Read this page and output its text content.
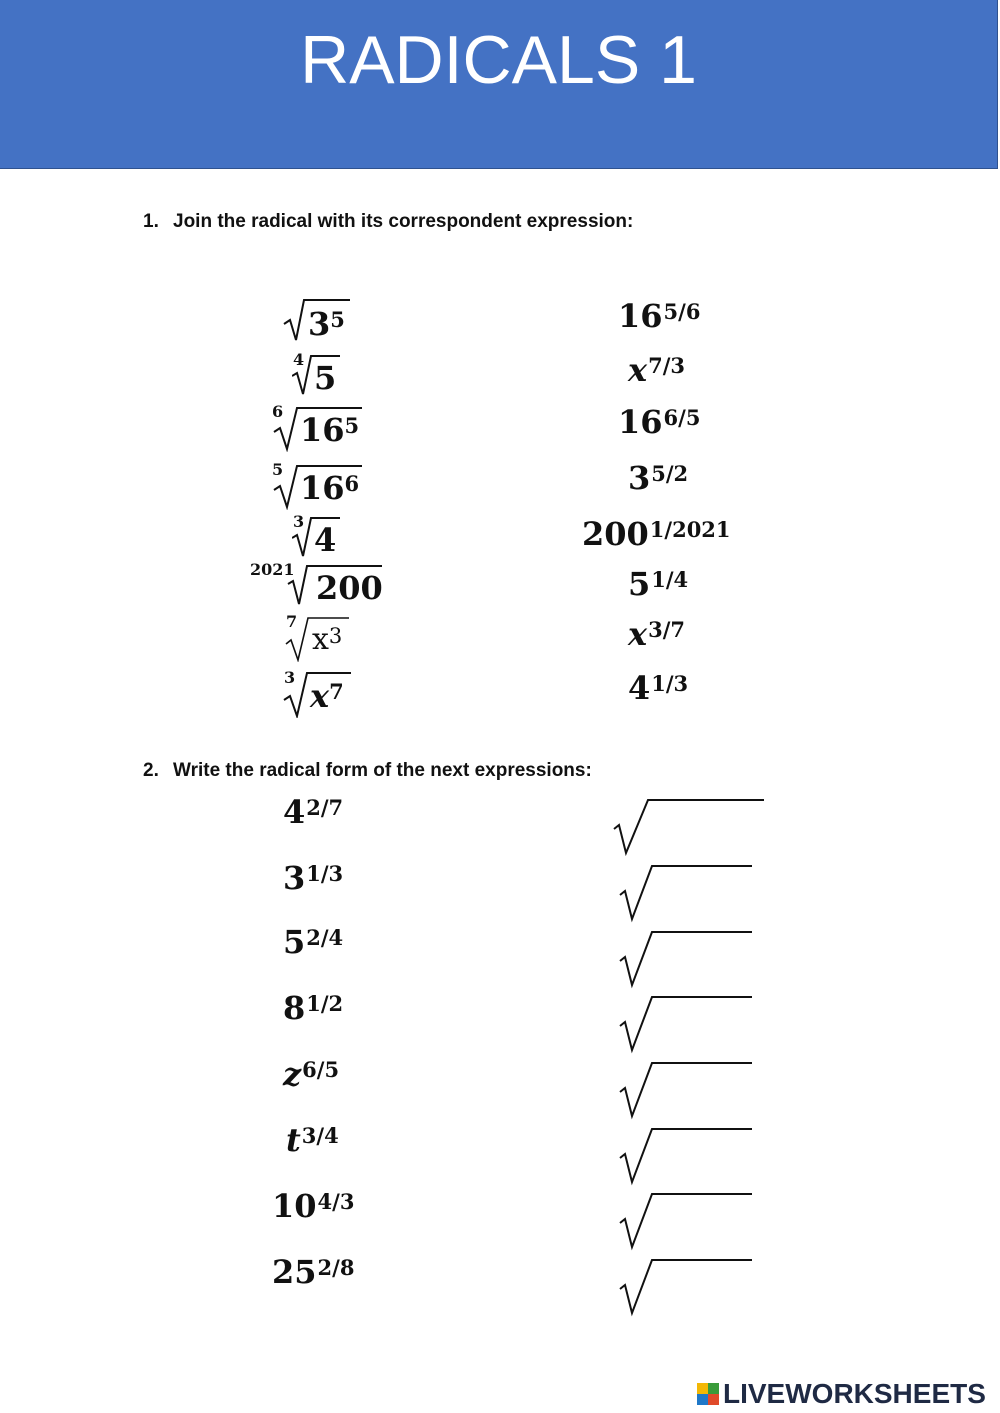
RADICALS 1
1. Join the radical with its correspondent expression:
$3^5$
4 5
6 $16^5$
5 $16^6$
3 4
2021 200
7
$x^3$
3 $x^7$
$16^{5/6}$
$x^{7/3}$
$16^{6/5}$
$3^{5/2}$
$200^{1/2021}$
$5^{1/4}$
$x^{3/7}$
$4^{1/3}$
2. Write the radical form of the next expressions:
$4^{2/7}$
$3^{1/3}$
$5^{2/4}$
$8^{1/2}$
$z^{6/5}$
$t^{3/4}$
$10^{4/3}$
$25^{2/8}$
LIVEWORKSHEETS
